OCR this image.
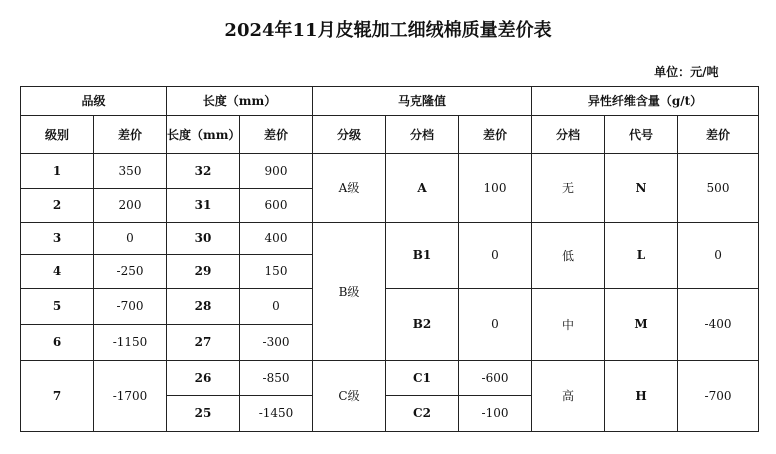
2024年11月皮辊加工细绒棉质量差价表
单位：元/吨									
品级		长度（mm）		马克隆值			异性纤维含量（g/t）		
级别	差价	长度（mm）	差价	分级	分档	差价	分档	代号	差价
1	350	32	900	A级	A	100	无	N	500
2	200	31	600						
3	0	30	400	B级	B1	0	低	L	0
4	-250	29	150						
5	-700	28	0		B2	0	中	M	-400
6	-1150	27	-300						
7	-1700	26	-850	C级	C1	-600	高	H	-700
		25	-1450		C2	-100			
